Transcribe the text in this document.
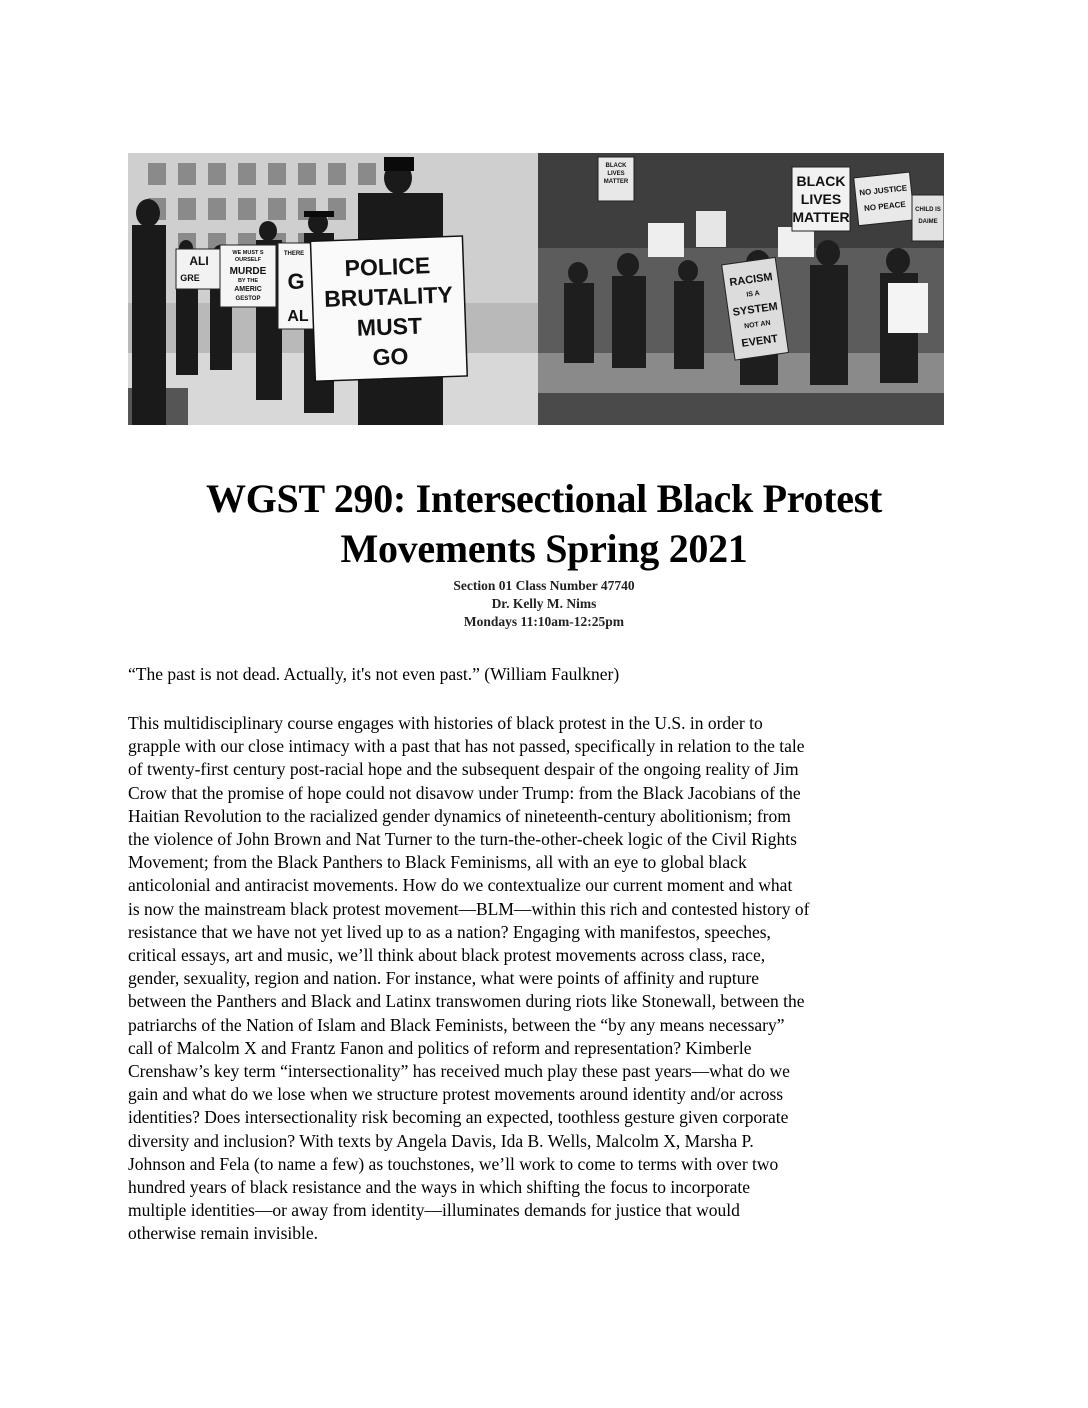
ALI
GRE
WE MUST S
OURSELF
MURDE
BY THE
AMERIC
GESTOP
THERE
G
AL
POLICE
BRUTALITY
MUST
GO
BLACK
LIVES
MATTER
RACISM
IS A
SYSTEM
NOT AN
EVENT
BLACK
LIVES
MATTER
NO JUSTICE
NO PEACE CHILD IS
DAIME
WGST 290: Intersectional Black Protest
Movements Spring 2021
Section 01 Class Number 47740
Dr. Kelly M. Nims
Mondays 11:10am-12:25pm

“The past is not dead. Actually, it's not even past.” (William Faulkner)

This multidisciplinary course engages with histories of black protest in the U.S. in order to
grapple with our close intimacy with a past that has not passed, specifically in relation to the tale
of twenty-first century post-racial hope and the subsequent despair of the ongoing reality of Jim
Crow that the promise of hope could not disavow under Trump: from the Black Jacobians of the
Haitian Revolution to the racialized gender dynamics of nineteenth-century abolitionism; from
the violence of John Brown and Nat Turner to the turn-the-other-cheek logic of the Civil Rights
Movement; from the Black Panthers to Black Feminisms, all with an eye to global black
anticolonial and antiracist movements. How do we contextualize our current moment and what
is now the mainstream black protest movement—BLM—within this rich and contested history of
resistance that we have not yet lived up to as a nation? Engaging with manifestos, speeches,
critical essays, art and music, we’ll think about black protest movements across class, race,
gender, sexuality, region and nation. For instance, what were points of affinity and rupture
between the Panthers and Black and Latinx transwomen during riots like Stonewall, between the
patriarchs of the Nation of Islam and Black Feminists, between the “by any means necessary”
call of Malcolm X and Frantz Fanon and politics of reform and representation? Kimberle
Crenshaw’s key term “intersectionality” has received much play these past years—what do we
gain and what do we lose when we structure protest movements around identity and/or across
identities? Does intersectionality risk becoming an expected, toothless gesture given corporate
diversity and inclusion? With texts by Angela Davis, Ida B. Wells, Malcolm X, Marsha P.
Johnson and Fela (to name a few) as touchstones, we’ll work to come to terms with over two
hundred years of black resistance and the ways in which shifting the focus to incorporate
multiple identities—or away from identity—illuminates demands for justice that would
otherwise remain invisible.
